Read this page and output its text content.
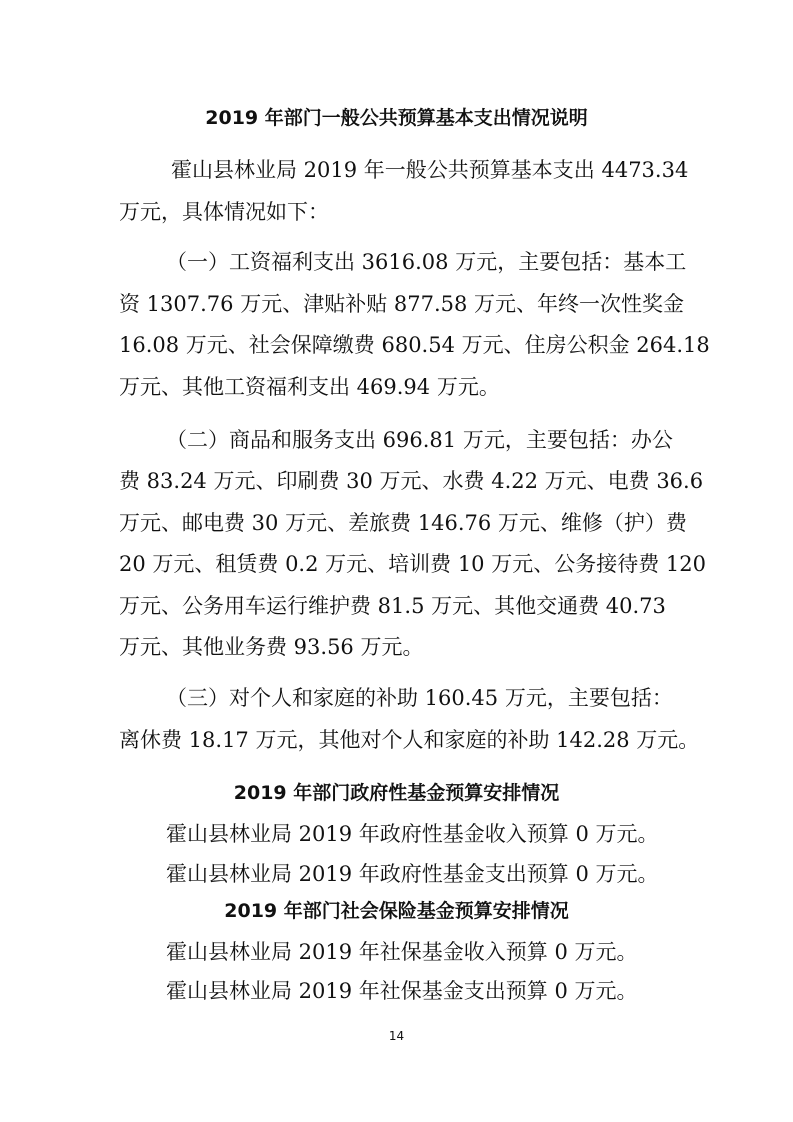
2019 年部门一般公共预算基本支出情况说明
霍山县林业局 2019 年一般公共预算基本支出 4473.34
万元，具体情况如下：
（一）工资福利支出 3616.08 万元，主要包括：基本工
资 1307.76 万元、津贴补贴 877.58 万元、年终一次性奖金
16.08 万元、社会保障缴费 680.54 万元、住房公积金 264.18
万元、其他工资福利支出 469.94 万元。
（二）商品和服务支出 696.81 万元，主要包括：办公
费 83.24 万元、印刷费 30 万元、水费 4.22 万元、电费 36.6
万元、邮电费 30 万元、差旅费 146.76 万元、维修（护）费
20 万元、租赁费 0.2 万元、培训费 10 万元、公务接待费 120
万元、公务用车运行维护费 81.5 万元、其他交通费 40.73
万元、其他业务费 93.56 万元。
（三）对个人和家庭的补助 160.45 万元，主要包括：
离休费 18.17 万元，其他对个人和家庭的补助 142.28 万元。
2019 年部门政府性基金预算安排情况
霍山县林业局 2019 年政府性基金收入预算 0 万元。
霍山县林业局 2019 年政府性基金支出预算 0 万元。
2019 年部门社会保险基金预算安排情况
霍山县林业局 2019 年社保基金收入预算 0 万元。
霍山县林业局 2019 年社保基金支出预算 0 万元。
14
